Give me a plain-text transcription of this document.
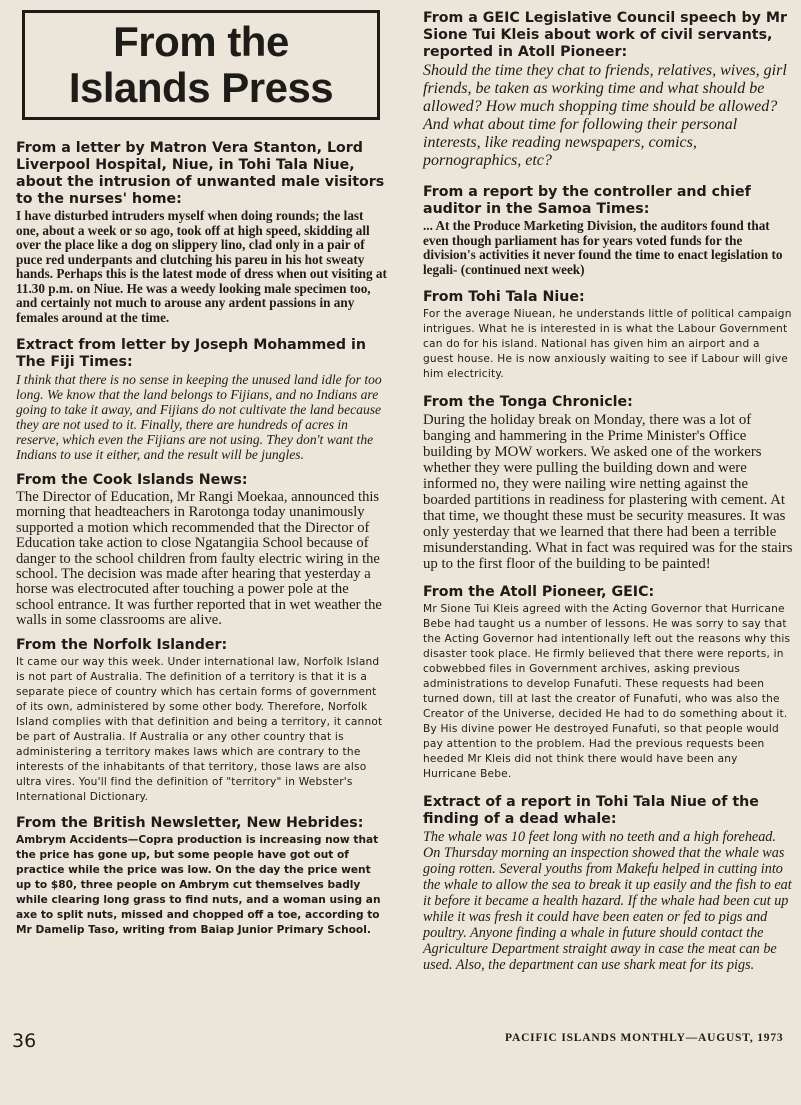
From the
Islands Press
From a letter by Matron Vera Stanton, Lord Liverpool Hospital, Niue, in Tohi Tala Niue, about the intrusion of unwanted male visitors to the nurses' home:
I have disturbed intruders myself when doing rounds; the last one, about a week or so ago, took off at high speed, skidding all over the place like a dog on slippery lino, clad only in a pair of puce red underpants and clutching his pareu in his hot sweaty hands. Perhaps this is the latest mode of dress when out visiting at 11.30 p.m. on Niue. He was a weedy looking male specimen too, and certainly not much to arouse any ardent passions in any females around at the time.
Extract from letter by Joseph Mohammed in The Fiji Times:
I think that there is no sense in keeping the unused land idle for too long. We know that the land belongs to Fijians, and no Indians are going to take it away, and Fijians do not cultivate the land because they are not used to it. Finally, there are hundreds of acres in reserve, which even the Fijians are not using. They don't want the Indians to use it either, and the result will be jungles.
From the Cook Islands News:
The Director of Education, Mr Rangi Moekaa, announced this morning that headteachers in Rarotonga today unanimously supported a motion which recommended that the Director of Education take action to close Ngatangiia School because of danger to the school children from faulty electric wiring in the school. The decision was made after hearing that yesterday a horse was electrocuted after touching a power pole at the school entrance. It was further reported that in wet weather the walls in some classrooms are alive.
From the Norfolk Islander:
It came our way this week. Under international law, Norfolk Island is not part of Australia. The definition of a territory is that it is a separate piece of country which has certain forms of government of its own, administered by some other body. Therefore, Norfolk Island complies with that definition and being a territory, it cannot be part of Australia. If Australia or any other country that is administering a territory makes laws which are contrary to the interests of the inhabitants of that territory, those laws are also ultra vires. You'll find the definition of "territory" in Webster's International Dictionary.
From the British Newsletter, New Hebrides:
Ambrym Accidents—Copra production is increasing now that the price has gone up, but some people have got out of practice while the price was low. On the day the price went up to $80, three people on Ambrym cut themselves badly while clearing long grass to find nuts, and a woman using an axe to split nuts, missed and chopped off a toe, according to Mr Damelip Taso, writing from Baiap Junior Primary School.
From a GEIC Legislative Council speech by Mr Sione Tui Kleis about work of civil servants, reported in Atoll Pioneer:
Should the time they chat to friends, relatives, wives, girl friends, be taken as working time and what should be allowed? How much shopping time should be allowed? And what about time for following their personal interests, like reading newspapers, comics, pornographics, etc?
From a report by the controller and chief auditor in the Samoa Times:
... At the Produce Marketing Division, the auditors found that even though parliament has for years voted funds for the division's activities it never found the time to enact legislation to legali- (continued next week)
From Tohi Tala Niue:
For the average Niuean, he understands little of political campaign intrigues. What he is interested in is what the Labour Government can do for his island. National has given him an airport and a guest house. He is now anxiously waiting to see if Labour will give him electricity.
From the Tonga Chronicle:
During the holiday break on Monday, there was a lot of banging and hammering in the Prime Minister's Office building by MOW workers. We asked one of the workers whether they were pulling the building down and were informed no, they were nailing wire netting against the boarded partitions in readiness for plastering with cement. At that time, we thought these must be security measures. It was only yesterday that we learned that there had been a terrible misunderstanding. What in fact was required was for the stairs up to the first floor of the building to be painted!
From the Atoll Pioneer, GEIC:
Mr Sione Tui Kleis agreed with the Acting Governor that Hurricane Bebe had taught us a number of lessons. He was sorry to say that the Acting Governor had intentionally left out the reasons why this disaster took place. He firmly believed that there were reports, in cobwebbed files in Government archives, asking previous administrations to develop Funafuti. These requests had been turned down, till at last the creator of Funafuti, who was also the Creator of the Universe, decided He had to do something about it. By His divine power He destroyed Funafuti, so that people would pay attention to the problem. Had the previous requests been heeded Mr Kleis did not think there would have been any Hurricane Bebe.
Extract of a report in Tohi Tala Niue of the finding of a dead whale:
The whale was 10 feet long with no teeth and a high forehead. On Thursday morning an inspection showed that the whale was going rotten. Several youths from Makefu helped in cutting into the whale to allow the sea to break it up easily and the fish to eat it before it became a health hazard. If the whale had been cut up while it was fresh it could have been eaten or fed to pigs and poultry. Anyone finding a whale in future should contact the Agriculture Department straight away in case the meat can be used. Also, the department can use shark meat for its pigs.
36	PACIFIC ISLANDS MONTHLY—AUGUST, 1973
